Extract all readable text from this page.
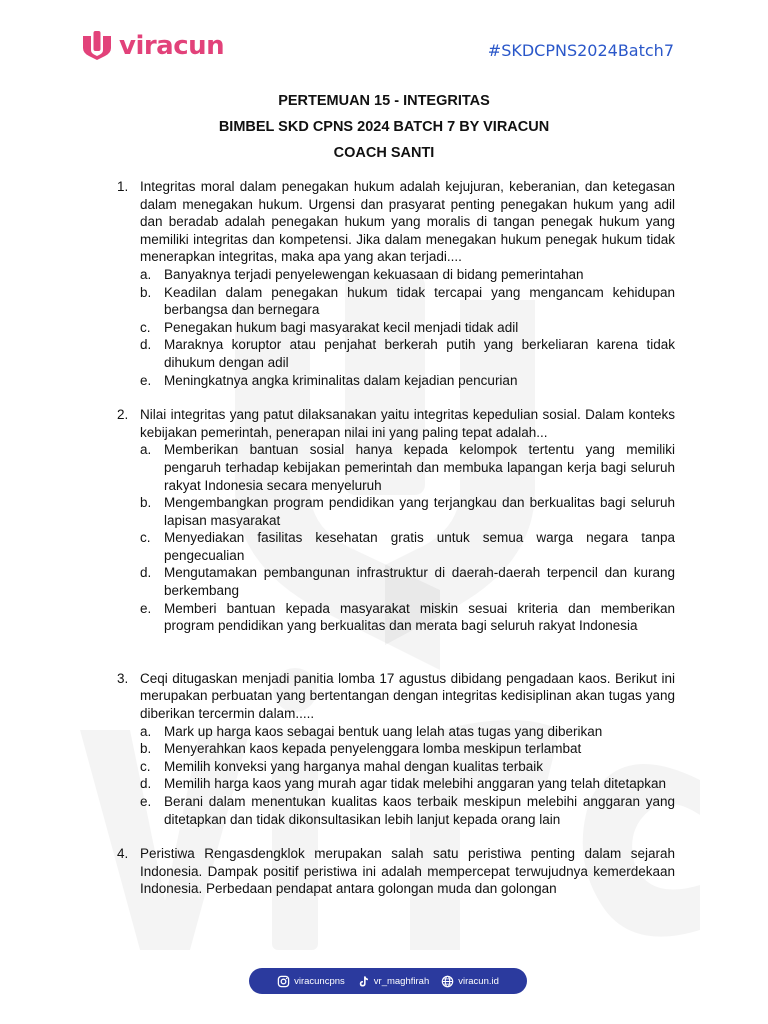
viracun	#SKDCPNS2024Batch7
PERTEMUAN 15 - INTEGRITAS
BIMBEL SKD CPNS 2024 BATCH 7 BY VIRACUN
COACH SANTI
1. Integritas moral dalam penegakan hukum adalah kejujuran, keberanian, dan ketegasan dalam menegakan hukum. Urgensi dan prasyarat penting penegakan hukum yang adil dan beradab adalah penegakan hukum yang moralis di tangan penegak hukum yang memiliki integritas dan kompetensi. Jika dalam menegakan hukum penegak hukum tidak menerapkan integritas, maka apa yang akan terjadi....
a. Banyaknya terjadi penyelewengan kekuasaan di bidang pemerintahan
b. Keadilan dalam penegakan hukum tidak tercapai yang mengancam kehidupan berbangsa dan bernegara
c. Penegakan hukum bagi masyarakat kecil menjadi tidak adil
d. Maraknya koruptor atau penjahat berkerah putih yang berkeliaran karena tidak dihukum dengan adil
e. Meningkatnya angka kriminalitas dalam kejadian pencurian
2. Nilai integritas yang patut dilaksanakan yaitu integritas kepedulian sosial. Dalam konteks kebijakan pemerintah, penerapan nilai ini yang paling tepat adalah...
a. Memberikan bantuan sosial hanya kepada kelompok tertentu yang memiliki pengaruh terhadap kebijakan pemerintah dan membuka lapangan kerja bagi seluruh rakyat Indonesia secara menyeluruh
b. Mengembangkan program pendidikan yang terjangkau dan berkualitas bagi seluruh lapisan masyarakat
c. Menyediakan fasilitas kesehatan gratis untuk semua warga negara tanpa pengecualian
d. Mengutamakan pembangunan infrastruktur di daerah-daerah terpencil dan kurang berkembang
e. Memberi bantuan kepada masyarakat miskin sesuai kriteria dan memberikan program pendidikan yang berkualitas dan merata bagi seluruh rakyat Indonesia
3. Ceqi ditugaskan menjadi panitia lomba 17 agustus dibidang pengadaan kaos. Berikut ini merupakan perbuatan yang bertentangan dengan integritas kedisiplinan akan tugas yang diberikan tercermin dalam.....
a. Mark up harga kaos sebagai bentuk uang lelah atas tugas yang diberikan
b. Menyerahkan kaos kepada penyelenggara lomba meskipun terlambat
c. Memilih konveksi yang harganya mahal dengan kualitas terbaik
d. Memilih harga kaos yang murah agar tidak melebihi anggaran yang telah ditetapkan
e. Berani dalam menentukan kualitas kaos terbaik meskipun melebihi anggaran yang ditetapkan dan tidak dikonsultasikan lebih lanjut kepada orang lain
4. Peristiwa Rengasdengklok merupakan salah satu peristiwa penting dalam sejarah Indonesia. Dampak positif peristiwa ini adalah mempercepat terwujudnya kemerdekaan Indonesia. Perbedaan pendapat antara golongan muda dan golongan
viracuncpns	vr_maghfirah	viracun.id
